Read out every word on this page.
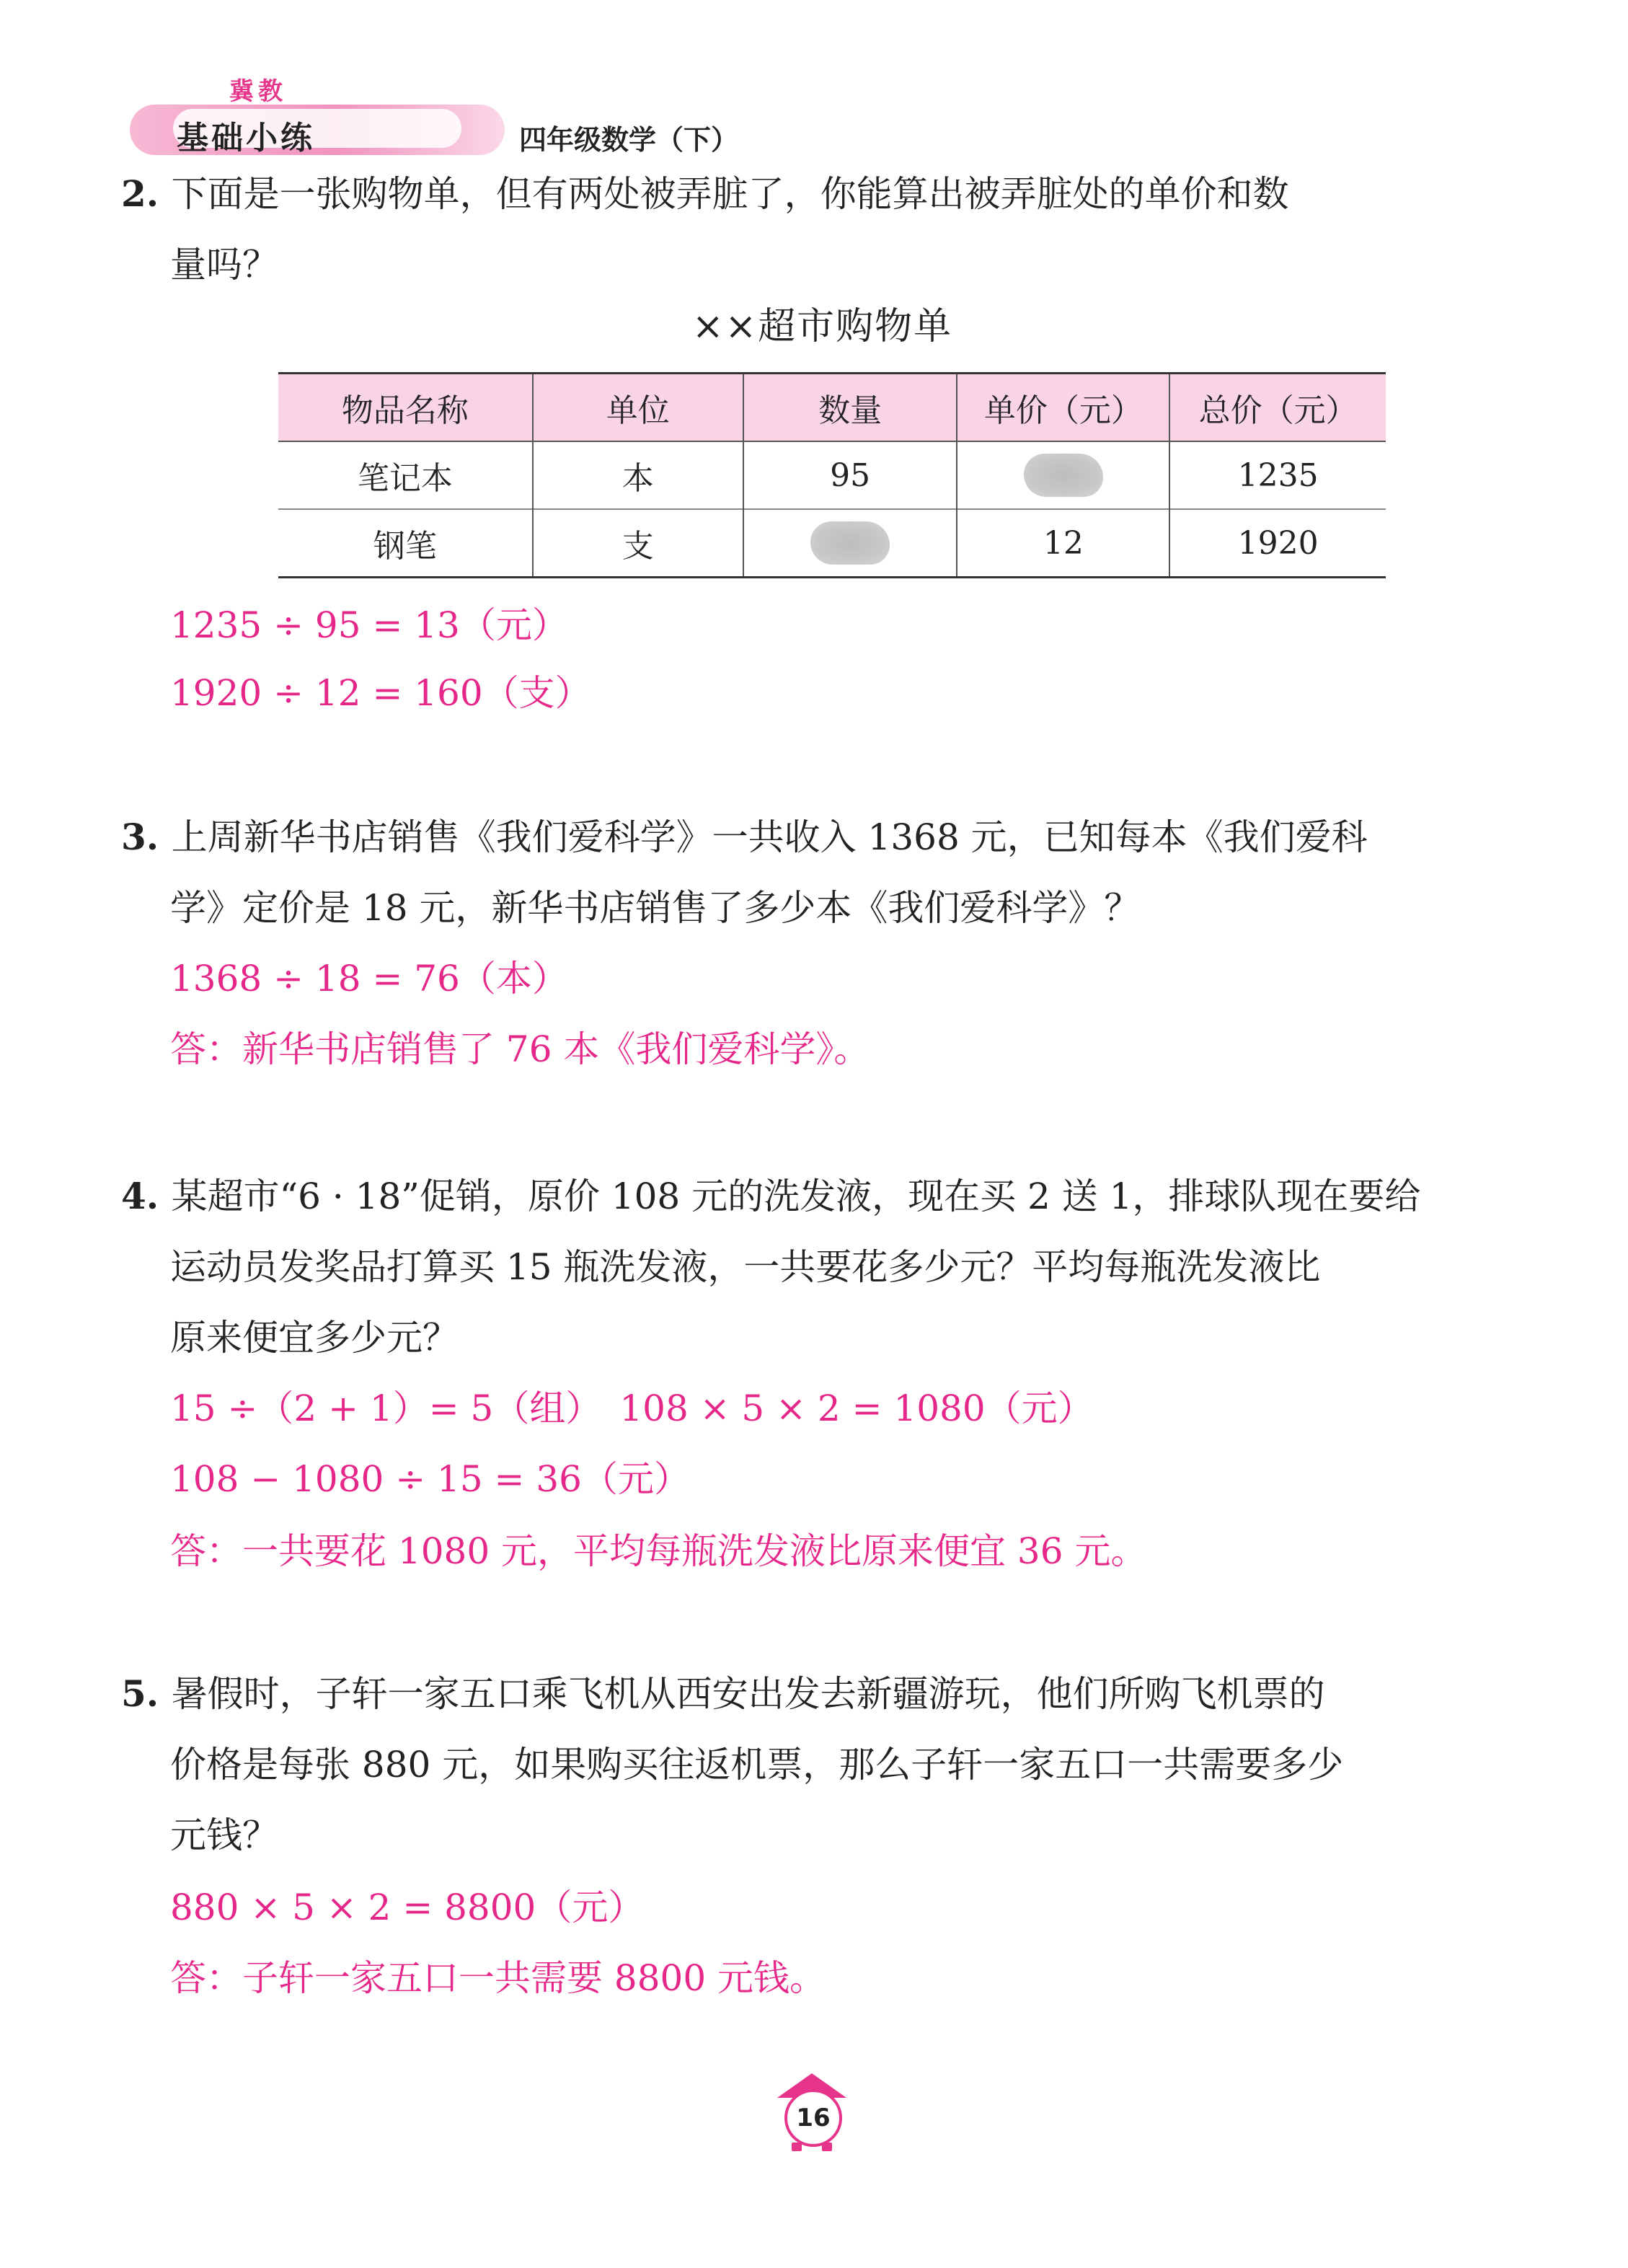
冀教
基础小练	四年级数学（下）
2. 下面是一张购物单，但有两处被弄脏了，你能算出被弄脏处的单价和数
量吗？
××超市购物单
物品名称	单位	数量	单价（元）	总价（元）
笔记本	本	95		1235
钢笔	支		12	1920
1235 ÷ 95 = 13（元）
1920 ÷ 12 = 160（支）
3. 上周新华书店销售《我们爱科学》一共收入 1368 元，已知每本《我们爱科
学》定价是 18 元，新华书店销售了多少本《我们爱科学》？
1368 ÷ 18 = 76（本）
答：新华书店销售了 76 本《我们爱科学》。
4. 某超市“6 · 18”促销，原价 108 元的洗发液，现在买 2 送 1，排球队现在要给
运动员发奖品打算买 15 瓶洗发液，一共要花多少元？平均每瓶洗发液比
原来便宜多少元？
15 ÷（2 + 1）= 5（组）　108 × 5 × 2 = 1080（元）
108 − 1080 ÷ 15 = 36（元）
答：一共要花 1080 元，平均每瓶洗发液比原来便宜 36 元。
5. 暑假时，子轩一家五口乘飞机从西安出发去新疆游玩，他们所购飞机票的
价格是每张 880 元，如果购买往返机票，那么子轩一家五口一共需要多少
元钱？
880 × 5 × 2 = 8800（元）
答：子轩一家五口一共需要 8800 元钱。
16
